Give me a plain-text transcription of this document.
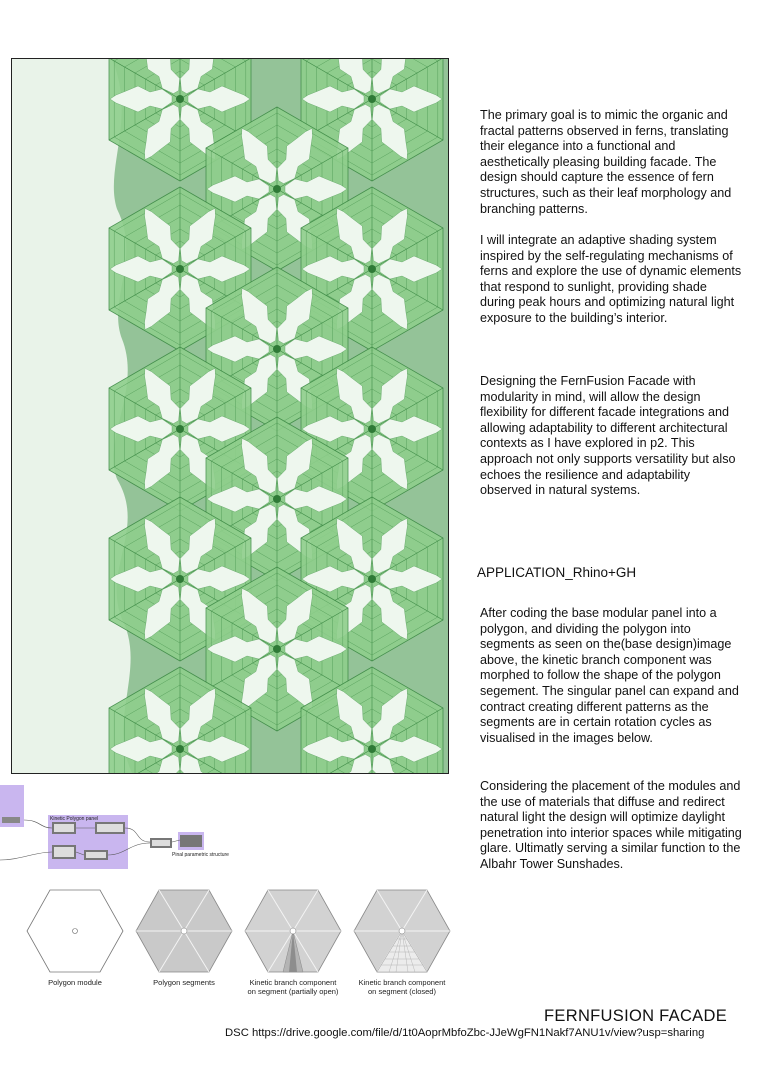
The primary goal is to mimic the organic and fractal patterns observed in ferns, translating their elegance into a functional and aesthetically pleasing building facade. The design should capture the essence of fern structures, such as their leaf morphology and branching patterns.

I will integrate an adaptive shading system inspired by the self-regulating mechanisms of ferns and explore the use of dynamic elements that respond to sunlight, providing shade during peak hours and optimizing natural light exposure to the building’s interior.

Designing the FernFusion Facade with modularity in mind, will allow the design flexibility for different facade integrations and allowing adaptability to different architectural contexts as I have explored in p2. This approach not only supports versatility but also echoes the resilience and adaptability observed in natural systems.

APPLICATION_Rhino+GH

After coding the base modular panel into a polygon, and dividing the polygon into segments as seen on the(base design)image above, the kinetic branch component was morphed to follow the shape of the polygon segement. The singular panel can expand and contract creating different patterns as the segments are in certain rotation cycles as visualised in the images below.

Considering the placement of the modules and the use of materials that diffuse and redirect natural light the design will optimize daylight penetration into interior spaces while mitigating glare. Ultimatly serving a similar function to the Albahr Tower Sunshades.

Kinetic Polygon panel
Pinal parametric structure
Polygon module	Polygon segments	Kinetic branch component
on segment (partially open)
Kinetic branch component
on segment (closed)
FERNFUSION FACADE
DSC https://drive.google.com/file/d/1t0AoprMbfoZbc-JJeWgFN1Nakf7ANU1v/view?usp=sharing
